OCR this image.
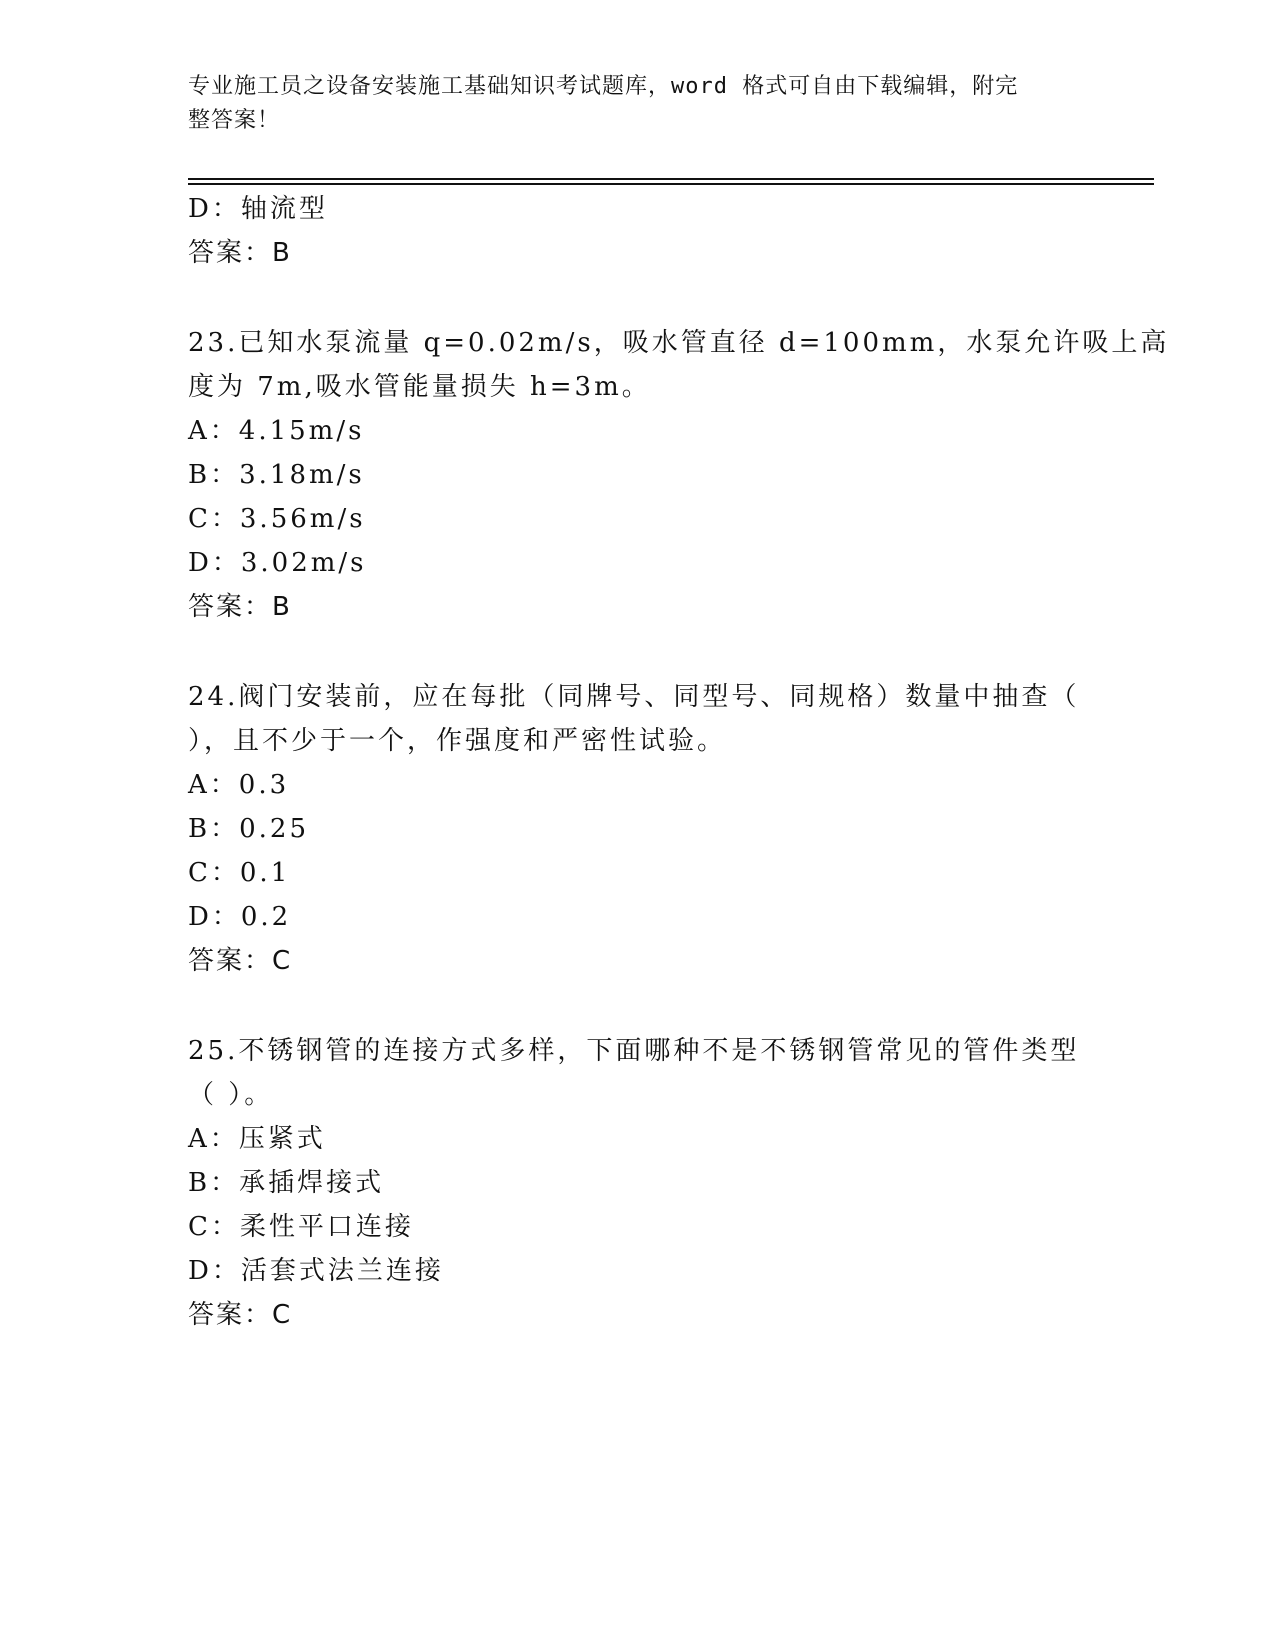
专业施工员之设备安装施工基础知识考试题库，word 格式可自由下载编辑，附完
整答案！
D：轴流型
答案：B
23.已知水泵流量 q=0.02m/s，吸水管直径 d=100mm，水泵允许吸上高
度为 7m,吸水管能量损失 h=3m。
A：4.15m/s
B：3.18m/s
C：3.56m/s
D：3.02m/s
答案：B
24.阀门安装前，应在每批（同牌号、同型号、同规格）数量中抽查（
），且不少于一个，作强度和严密性试验。
A：0.3
B：0.25
C：0.1
D：0.2
答案：C
25.不锈钢管的连接方式多样，下面哪种不是不锈钢管常见的管件类型
（ ）。
A：压紧式
B：承插焊接式
C：柔性平口连接
D：活套式法兰连接
答案：C
